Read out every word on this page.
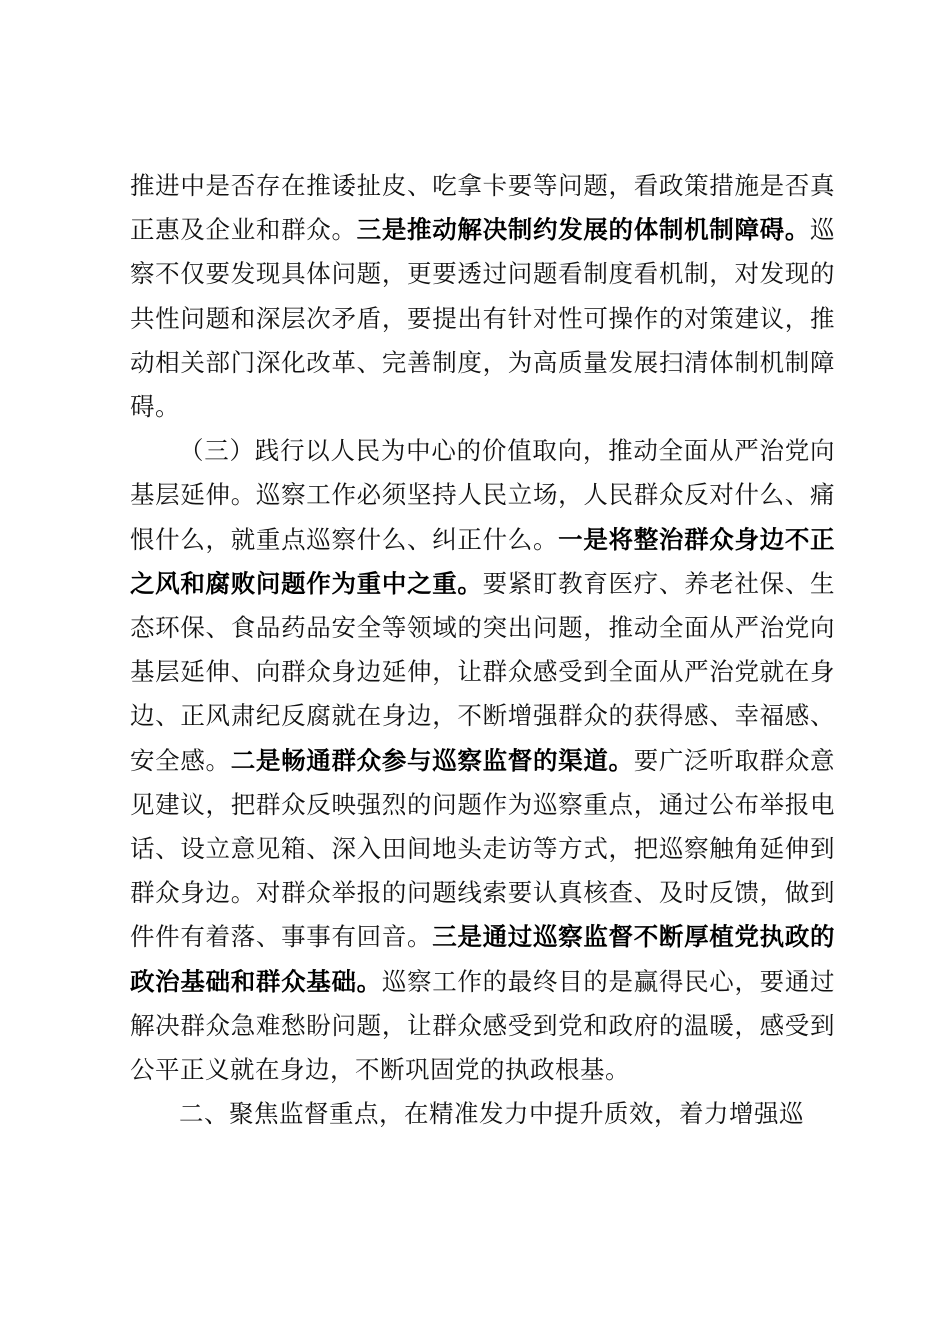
推进中是否存在推诿扯皮、吃拿卡要等问题，看政策措施是否真正惠及企业和群众。三是推动解决制约发展的体制机制障碍。巡察不仅要发现具体问题，更要透过问题看制度看机制，对发现的共性问题和深层次矛盾，要提出有针对性可操作的对策建议，推动相关部门深化改革、完善制度，为高质量发展扫清体制机制障碍。

（三）践行以人民为中心的价值取向，推动全面从严治党向基层延伸。巡察工作必须坚持人民立场，人民群众反对什么、痛恨什么，就重点巡察什么、纠正什么。一是将整治群众身边不正之风和腐败问题作为重中之重。要紧盯教育医疗、养老社保、生态环保、食品药品安全等领域的突出问题，推动全面从严治党向基层延伸、向群众身边延伸，让群众感受到全面从严治党就在身边、正风肃纪反腐就在身边，不断增强群众的获得感、幸福感、安全感。二是畅通群众参与巡察监督的渠道。要广泛听取群众意见建议，把群众反映强烈的问题作为巡察重点，通过公布举报电话、设立意见箱、深入田间地头走访等方式，把巡察触角延伸到群众身边。对群众举报的问题线索要认真核查、及时反馈，做到件件有着落、事事有回音。三是通过巡察监督不断厚植党执政的政治基础和群众基础。巡察工作的最终目的是赢得民心，要通过解决群众急难愁盼问题，让群众感受到党和政府的温暖，感受到公平正义就在身边，不断巩固党的执政根基。

二、聚焦监督重点，在精准发力中提升质效，着力增强巡
